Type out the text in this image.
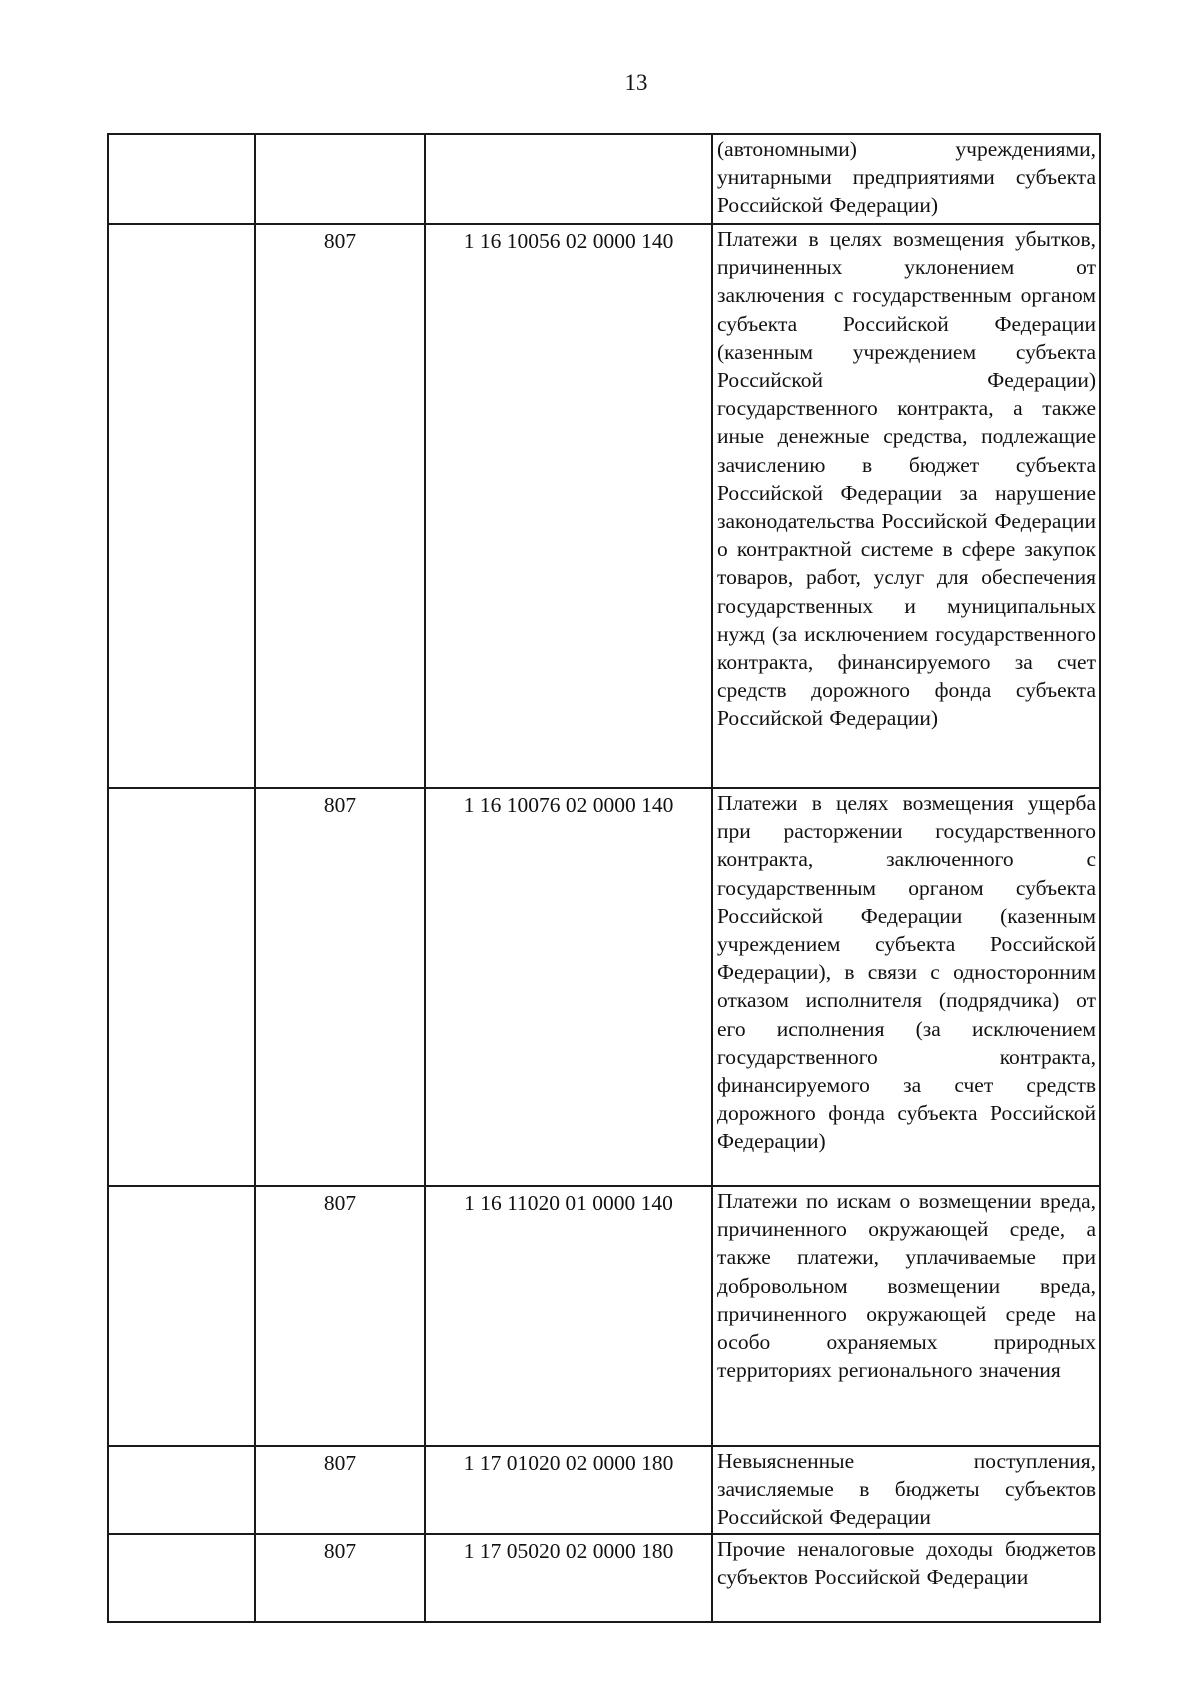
13
			(автономными) учреждениями, унитарными предприятиями субъекта Российской Федерации)
	807	1 16 10056 02 0000 140	Платежи в целях возмещения убытков, причиненных уклонением от заключения с государственным органом субъекта Российской Федерации (казенным учреждением субъекта Российской Федерации) государственного контракта, а также иные денежные средства, подлежащие зачислению в бюджет субъекта Российской Федерации за нарушение законодательства Российской Федерации о контрактной системе в сфере закупок товаров, работ, услуг для обеспечения государственных и муниципальных нужд (за исключением государственного контракта, финансируемого за счет средств дорожного фонда субъекта Российской Федерации)
	807	1 16 10076 02 0000 140	Платежи в целях возмещения ущерба при расторжении государственного контракта, заключенного с государственным органом субъекта Российской Федерации (казенным учреждением субъекта Российской Федерации), в связи с односторонним отказом исполнителя (подрядчика) от его исполнения (за исключением государственного контракта, финансируемого за счет средств дорожного фонда субъекта Российской Федерации)
	807	1 16 11020 01 0000 140	Платежи по искам о возмещении вреда, причиненного окружающей среде, а также платежи, уплачиваемые при добровольном возмещении вреда, причиненного окружающей среде на особо охраняемых природных территориях регионального значения
	807	1 17 01020 02 0000 180	Невыясненные поступления, зачисляемые в бюджеты субъектов Российской Федерации
	807	1 17 05020 02 0000 180	Прочие неналоговые доходы бюджетов субъектов Российской Федерации
